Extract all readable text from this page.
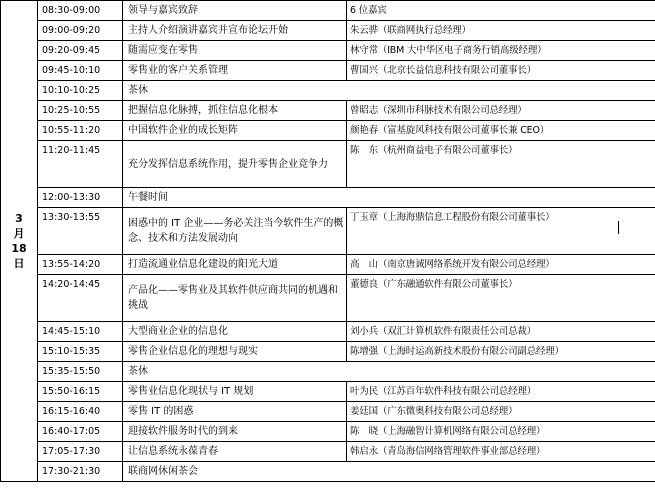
3
月
18
日	08:30-09:00	领导与嘉宾致辞	6 位嘉宾
	09:00-09:20	主持人介绍演讲嘉宾并宣布论坛开始	朱云骅（联商网执行总经理）
	09:20-09:45	随需应变在零售	林守常（IBM 大中华区电子商务行销高级经理）
	09:45-10:10	零售业的客户关系管理	曹国兴（北京长益信息科技有限公司董事长）
	10:10-10:25	茶休	
	10:25-10:55	把握信息化脉搏，抓住信息化根本	曾昭志（深圳市科脉技术有限公司总经理）
	10:55-11:20	中国软件企业的成长矩阵	颜艳春（富基旋风科技有限公司董事长兼 CEO）
	11:20-11:45	充分发挥信息系统作用，提升零售企业竞争力	陈　东（杭州商益电子有限公司董事长）
	12:00-13:30	午餐时间	
	13:30-13:55	困惑中的 IT 企业——务必关注当今软件生产的概念、技术和方法发展动向	丁玉章（上海海鼎信息工程股份有限公司董事长）
	13:55-14:20	打造流通业信息化建设的阳光大道	高　山（南京唐诚网络系统开发有限公司总经理）
	14:20-14:45	产品化——零售业及其软件供应商共同的机遇和挑战	董德良（广东融通软件有限公司董事长）
	14:45-15:10	大型商业企业的信息化	刘小兵（双汇计算机软件有限责任公司总裁）
	15:10-15:35	零售企业信息化的理想与现实	陈增强（上海时运高新技术股份有限公司副总经理）
	15:35-15:50	茶休	
	15:50-16:15	零售业信息化现状与 IT 规划	叶为民（江苏百年软件科技有限公司总经理）
	16:15-16:40	零售 IT 的困惑	姜廷国（广东微奥科技有限公司总经理）
	16:40-17:05	迎接软件服务时代的到来	陈　晓（上海融智计算机网络有限公司总经理）
	17:05-17:30	让信息系统永葆青春	韩启永（青岛海信网络管理软件事业部总经理）
	17:30-21:30	联商网休闲茶会	
